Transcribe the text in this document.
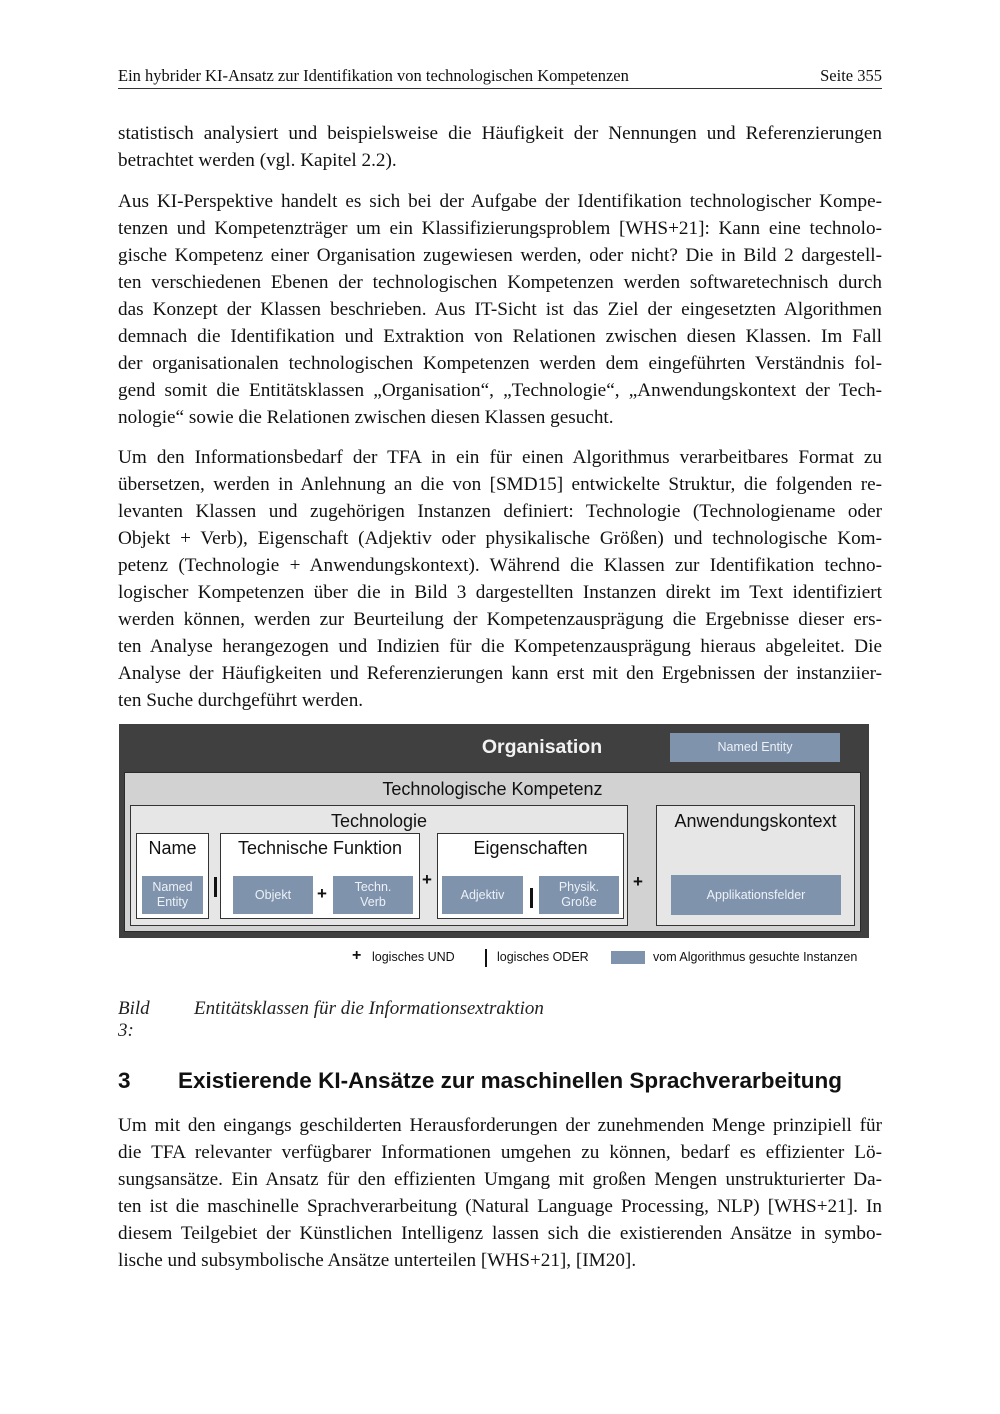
Ein hybrider KI-Ansatz zur Identifikation von technologischen Kompetenzen	Seite 355
statistisch analysiert und beispielsweise die Häufigkeit der Nennungen und Referenzierungen
betrachtet werden (vgl. Kapitel 2.2).
Aus KI-Perspektive handelt es sich bei der Aufgabe der Identifikation technologischer Kompe-
tenzen und Kompetenzträger um ein Klassifizierungsproblem [WHS+21]: Kann eine technolo-
gische Kompetenz einer Organisation zugewiesen werden, oder nicht? Die in Bild 2 dargestell-
ten verschiedenen Ebenen der technologischen Kompetenzen werden softwaretechnisch durch
das Konzept der Klassen beschrieben. Aus IT-Sicht ist das Ziel der eingesetzten Algorithmen
demnach die Identifikation und Extraktion von Relationen zwischen diesen Klassen. Im Fall
der organisationalen technologischen Kompetenzen werden dem eingeführten Verständnis fol-
gend somit die Entitätsklassen „Organisation“, „Technologie“, „Anwendungskontext der Tech-
nologie“ sowie die Relationen zwischen diesen Klassen gesucht.
Um den Informationsbedarf der TFA in ein für einen Algorithmus verarbeitbares Format zu
übersetzen, werden in Anlehnung an die von [SMD15] entwickelte Struktur, die folgenden re-
levanten Klassen und zugehörigen Instanzen definiert: Technologie (Technologiename oder
Objekt + Verb), Eigenschaft (Adjektiv oder physikalische Größen) und technologische Kom-
petenz (Technologie + Anwendungskontext). Während die Klassen zur Identifikation techno-
logischer Kompetenzen über die in Bild 3 dargestellten Instanzen direkt im Text identifiziert
werden können, werden zur Beurteilung der Kompetenzausprägung die Ergebnisse dieser ers-
ten Analyse herangezogen und Indizien für die Kompetenzausprägung hieraus abgeleitet. Die
Analyse der Häufigkeiten und Referenzierungen kann erst mit den Ergebnissen der instanziier-
ten Suche durchgeführt werden.
Organisation	Named Entity
Technologische Kompetenz
Technologie
Name
Named
Entity
Technische Funktion
Objekt + Techn.
Verb
+
Eigenschaften
Adjektiv
Physik.
Große
+
Anwendungskontext
Applikationsfelder
+ logisches UND	logisches ODER	vom Algorithmus gesuchte Instanzen
Bild 3:
Entitätsklassen für die Informationsextraktion
3 Existierende KI-Ansätze zur maschinellen Sprachverarbeitung
Um mit den eingangs geschilderten Herausforderungen der zunehmenden Menge prinzipiell für
die TFA relevanter verfügbarer Informationen umgehen zu können, bedarf es effizienter Lö-
sungsansätze. Ein Ansatz für den effizienten Umgang mit großen Mengen unstrukturierter Da-
ten ist die maschinelle Sprachverarbeitung (Natural Language Processing, NLP) [WHS+21]. In
diesem Teilgebiet der Künstlichen Intelligenz lassen sich die existierenden Ansätze in symbo-
lische und subsymbolische Ansätze unterteilen [WHS+21], [IM20].
